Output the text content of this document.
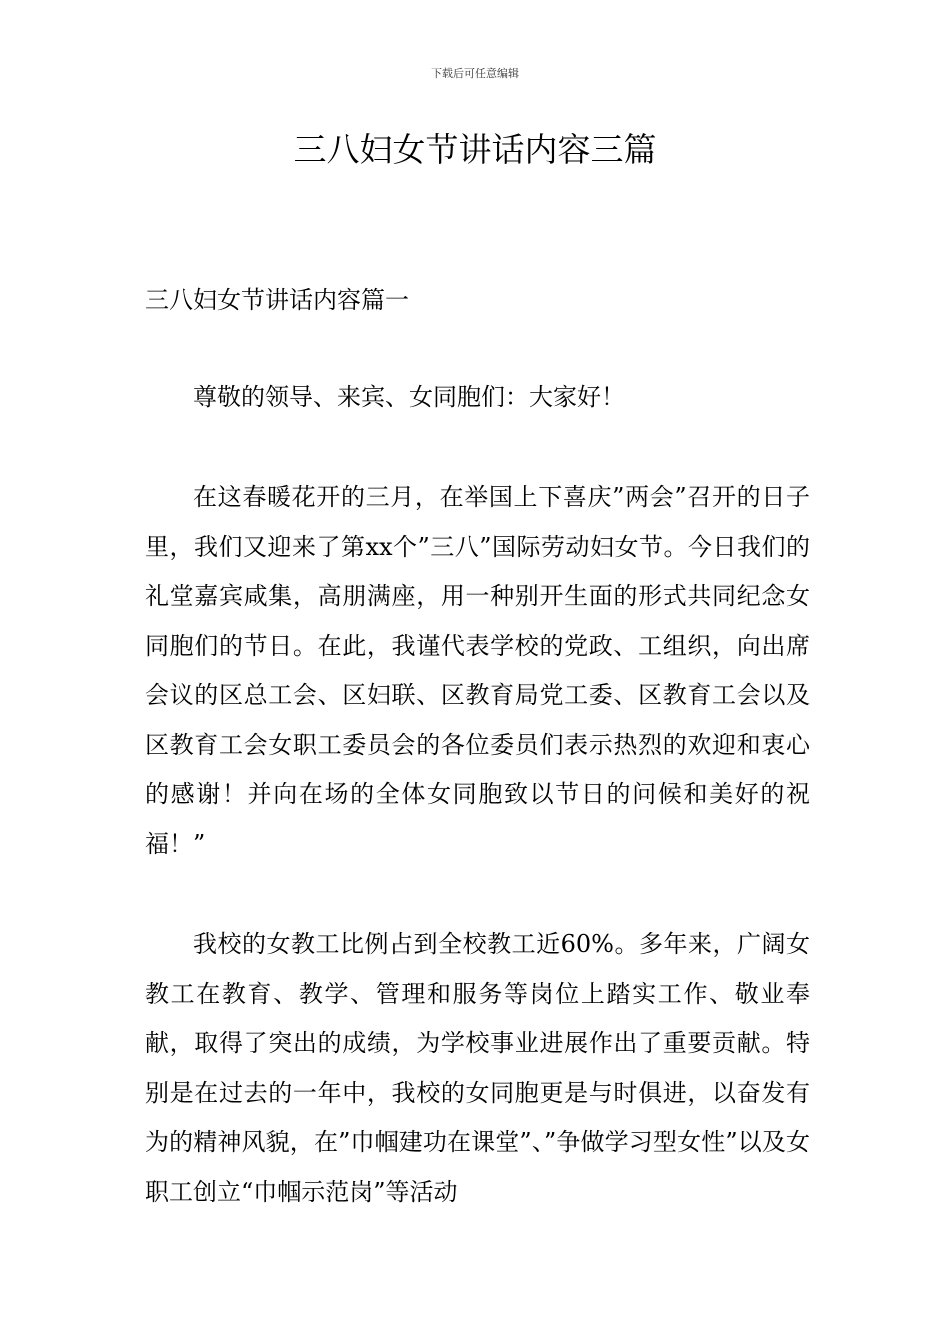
下载后可任意编辑
三八妇女节讲话内容三篇
三八妇女节讲话内容篇一

尊敬的领导、来宾、女同胞们：大家好！

在这春暖花开的三月，在举国上下喜庆”两会”召开的日子里，我们又迎来了第xx个”三八”国际劳动妇女节。今日我们的礼堂嘉宾咸集，高朋满座，用一种别开生面的形式共同纪念女同胞们的节日。在此，我谨代表学校的党政、工组织，向出席会议的区总工会、区妇联、区教育局党工委、区教育工会以及区教育工会女职工委员会的各位委员们表示热烈的欢迎和衷心的感谢！并向在场的全体女同胞致以节日的问候和美好的祝福！”

我校的女教工比例占到全校教工近60%。多年来，广阔女教工在教育、教学、管理和服务等岗位上踏实工作、敬业奉献，取得了突出的成绩，为学校事业进展作出了重要贡献。特别是在过去的一年中，我校的女同胞更是与时俱进，以奋发有为的精神风貌，在”巾帼建功在课堂”、”争做学习型女性”以及女职工创立“巾帼示范岗”等活动
